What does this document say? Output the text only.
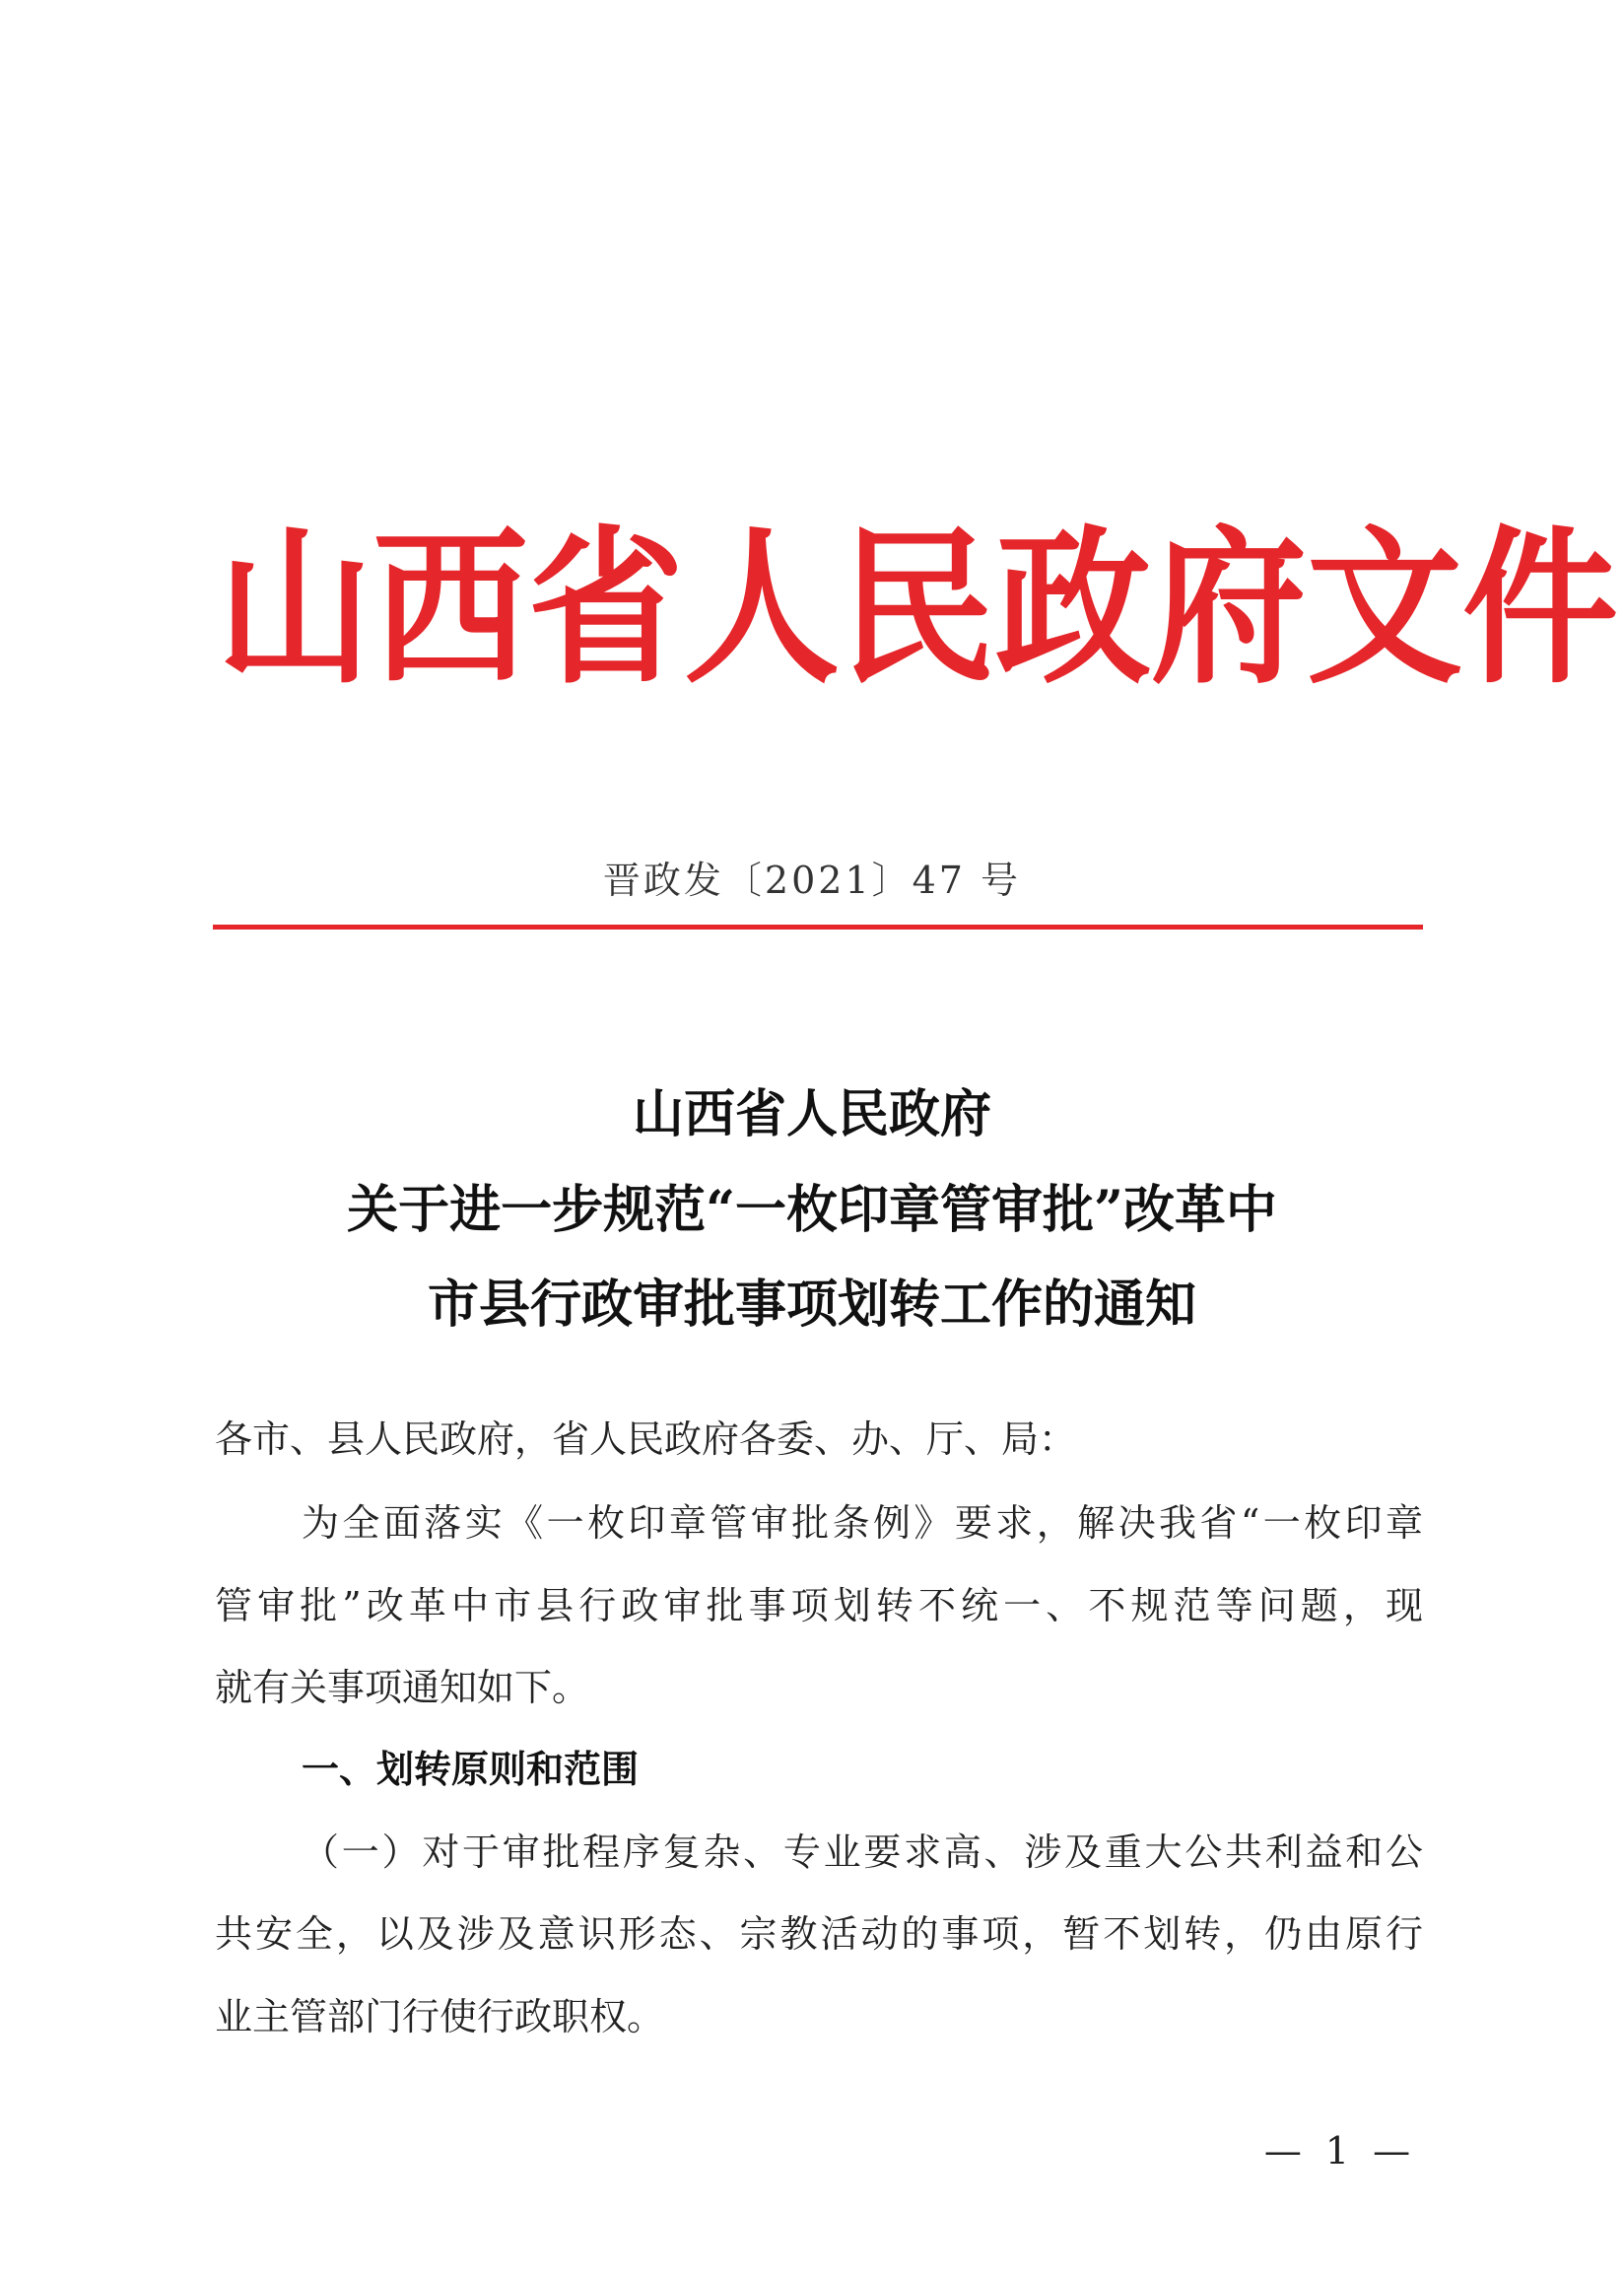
山 西 省 人 民 政 府 文 件
晋政发〔2021〕47 号
山西省人民政府
关于进一步规范“一枚印章管审批”改革中
市县行政审批事项划转工作的通知
各市、县人民政府，省人民政府各委、办、厅、局：
为全面落实《一枚印章管审批条例》要求，解决我省“一枚印章
管审批”改革中市县行政审批事项划转不统一、不规范等问题，现
就有关事项通知如下。
一、划转原则和范围
（一）对于审批程序复杂、专业要求高、涉及重大公共利益和公
共安全，以及涉及意识形态、宗教活动的事项，暂不划转，仍由原行
业主管部门行使行政职权。
— 1 —
